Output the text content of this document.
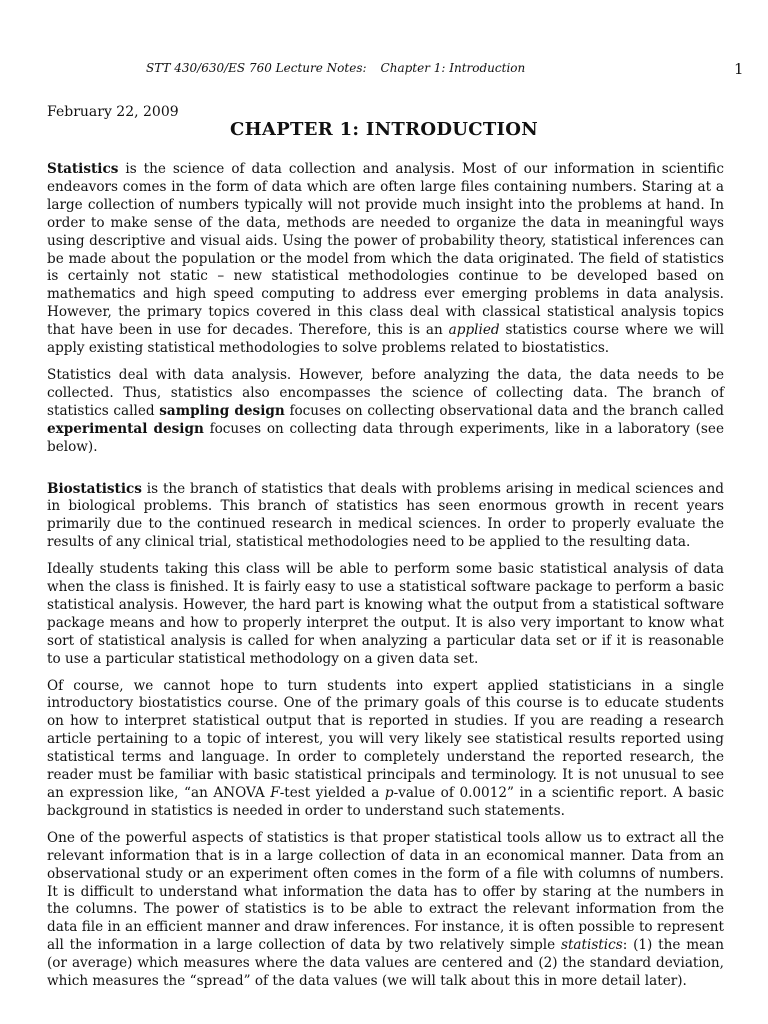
STT 430/630/ES 760 Lecture Notes: Chapter 1: Introduction	1
February 22, 2009
CHAPTER 1: INTRODUCTION

Statistics is the science of data collection and analysis. Most of our information in scientific endeavors comes in the form of data which are often large files containing numbers. Staring at a large collection of numbers typically will not provide much insight into the problems at hand. In order to make sense of the data, methods are needed to organize the data in meaningful ways using descriptive and visual aids. Using the power of probability theory, statistical inferences can be made about the population or the model from which the data originated. The field of statistics is certainly not static – new statistical methodologies continue to be developed based on mathematics and high speed computing to address ever emerging problems in data analysis. However, the primary topics covered in this class deal with classical statistical analysis topics that have been in use for decades. Therefore, this is an applied statistics course where we will apply existing statistical methodologies to solve problems related to biostatistics.

Statistics deal with data analysis. However, before analyzing the data, the data needs to be collected. Thus, statistics also encompasses the science of collecting data. The branch of statistics called sampling design focuses on collecting observational data and the branch called experimental design focuses on collecting data through experiments, like in a laboratory (see below).

Biostatistics is the branch of statistics that deals with problems arising in medical sciences and in biological problems. This branch of statistics has seen enormous growth in recent years primarily due to the continued research in medical sciences. In order to properly evaluate the results of any clinical trial, statistical methodologies need to be applied to the resulting data.

Ideally students taking this class will be able to perform some basic statistical analysis of data when the class is finished. It is fairly easy to use a statistical software package to perform a basic statistical analysis. However, the hard part is knowing what the output from a statistical software package means and how to properly interpret the output. It is also very important to know what sort of statistical analysis is called for when analyzing a particular data set or if it is reasonable to use a particular statistical methodology on a given data set.

Of course, we cannot hope to turn students into expert applied statisticians in a single introductory biostatistics course. One of the primary goals of this course is to educate students on how to interpret statistical output that is reported in studies. If you are reading a research article pertaining to a topic of interest, you will very likely see statistical results reported using statistical terms and language. In order to completely understand the reported research, the reader must be familiar with basic statistical principals and terminology. It is not unusual to see an expression like, “an ANOVA F-test yielded a p-value of 0.0012” in a scientific report. A basic background in statistics is needed in order to understand such statements.

One of the powerful aspects of statistics is that proper statistical tools allow us to extract all the relevant information that is in a large collection of data in an economical manner. Data from an observational study or an experiment often comes in the form of a file with columns of numbers. It is difficult to understand what information the data has to offer by staring at the numbers in the columns. The power of statistics is to be able to extract the relevant information from the data file in an efficient manner and draw inferences. For instance, it is often possible to represent all the information in a large collection of data by two relatively simple statistics: (1) the mean (or average) which measures where the data values are centered and (2) the standard deviation, which measures the “spread” of the data values (we will talk about this in more detail later).
